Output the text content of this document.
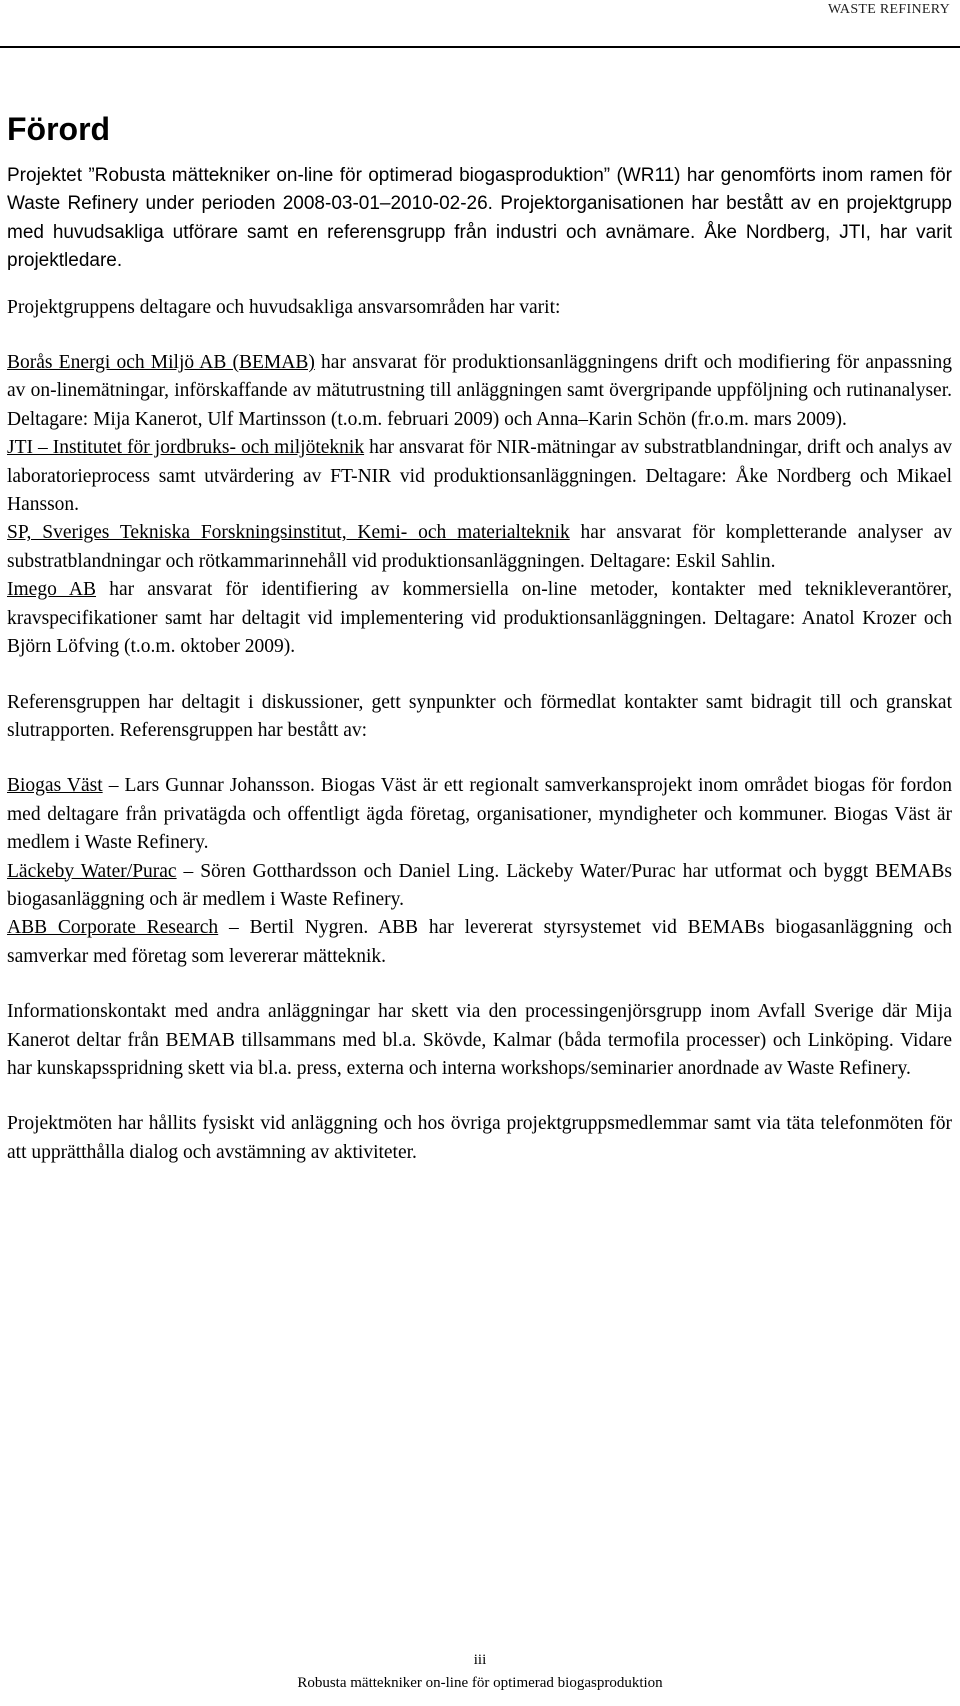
WASTE REFINERY
Förord

Projektet ”Robusta mättekniker on-line för optimerad biogasproduktion” (WR11) har genomförts inom ramen för Waste Refinery under perioden 2008-03-01–2010-02-26. Projektorganisationen har bestått av en projektgrupp med huvudsakliga utförare samt en referensgrupp från industri och avnämare. Åke Nordberg, JTI, har varit projektledare.

Projektgruppens deltagare och huvudsakliga ansvarsområden har varit:

Borås Energi och Miljö AB (BEMAB) har ansvarat för produktionsanläggningens drift och modifiering för anpassning av on-linemätningar, införskaffande av mätutrustning till anläggningen samt övergripande uppföljning och rutinanalyser. Deltagare: Mija Kanerot, Ulf Martinsson (t.o.m. februari 2009) och Anna–Karin Schön (fr.o.m. mars 2009).

JTI – Institutet för jordbruks- och miljöteknik har ansvarat för NIR-mätningar av substratblandningar, drift och analys av laboratorieprocess samt utvärdering av FT-NIR vid produktionsanläggningen. Deltagare: Åke Nordberg och Mikael Hansson.

SP, Sveriges Tekniska Forskningsinstitut, Kemi- och materialteknik har ansvarat för kompletterande analyser av substratblandningar och rötkammarinnehåll vid produktionsanläggningen. Deltagare: Eskil Sahlin.

Imego AB har ansvarat för identifiering av kommersiella on-line metoder, kontakter med teknikleverantörer, kravspecifikationer samt har deltagit vid implementering vid produktionsanläggningen. Deltagare: Anatol Krozer och Björn Löfving (t.o.m. oktober 2009).

Referensgruppen har deltagit i diskussioner, gett synpunkter och förmedlat kontakter samt bidragit till och granskat slutrapporten. Referensgruppen har bestått av:

Biogas Väst – Lars Gunnar Johansson. Biogas Väst är ett regionalt samverkansprojekt inom området biogas för fordon med deltagare från privatägda och offentligt ägda företag, organisationer, myndigheter och kommuner. Biogas Väst är medlem i Waste Refinery.

Läckeby Water/Purac – Sören Gotthardsson och Daniel Ling. Läckeby Water/Purac har utformat och byggt BEMABs biogasanläggning och är medlem i Waste Refinery.

ABB Corporate Research – Bertil Nygren. ABB har levererat styrsystemet vid BEMABs biogasanläggning och samverkar med företag som levererar mätteknik.

Informationskontakt med andra anläggningar har skett via den processingenjörsgrupp inom Avfall Sverige där Mija Kanerot deltar från BEMAB tillsammans med bl.a. Skövde, Kalmar (båda termofila processer) och Linköping. Vidare har kunskapsspridning skett via bl.a. press, externa och interna workshops/seminarier anordnade av Waste Refinery.

Projektmöten har hållits fysiskt vid anläggning och hos övriga projektgruppsmedlemmar samt via täta telefonmöten för att upprätthålla dialog och avstämning av aktiviteter.

iii
Robusta mättekniker on-line för optimerad biogasproduktion
